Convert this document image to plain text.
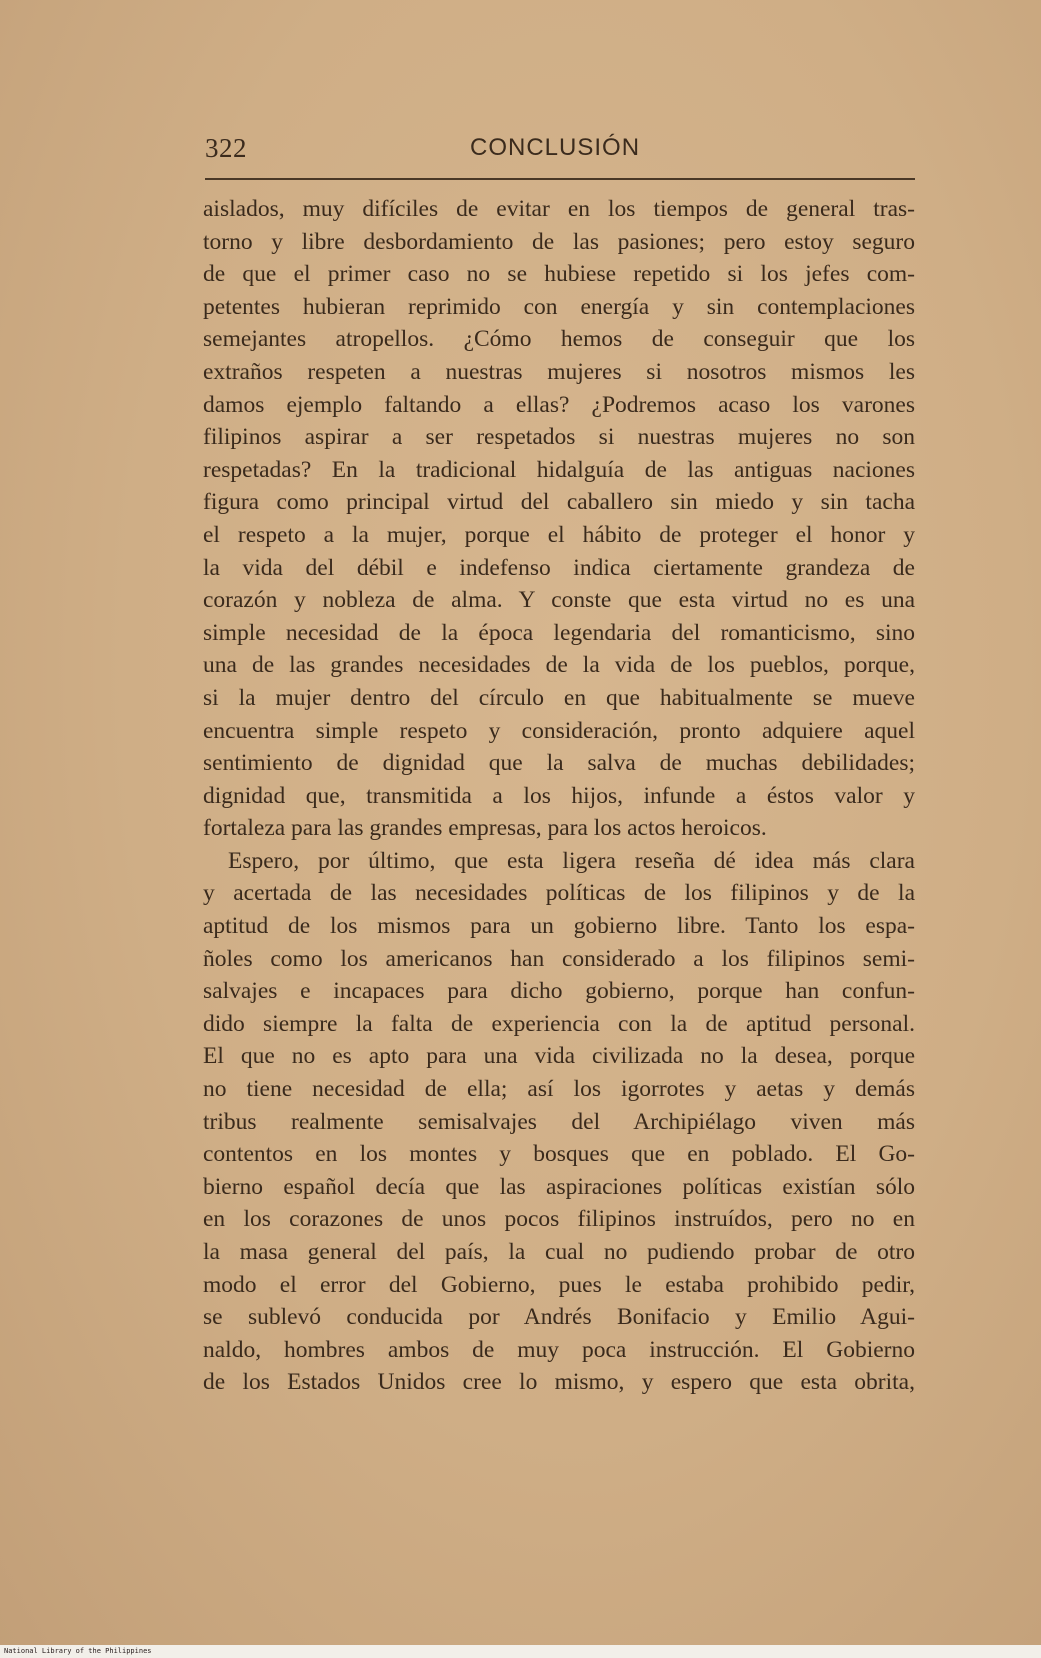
322	CONCLUSIÓN
aislados, muy difíciles de evitar en los tiempos de general tras-
torno y libre desbordamiento de las pasiones; pero estoy seguro
de que el primer caso no se hubiese repetido si los jefes com-
petentes hubieran reprimido con energía y sin contemplaciones
semejantes atropellos. ¿Cómo hemos de conseguir que los
extraños respeten a nuestras mujeres si nosotros mismos les
damos ejemplo faltando a ellas? ¿Podremos acaso los varones
filipinos aspirar a ser respetados si nuestras mujeres no son
respetadas? En la tradicional hidalguía de las antiguas naciones
figura como principal virtud del caballero sin miedo y sin tacha
el respeto a la mujer, porque el hábito de proteger el honor y
la vida del débil e indefenso indica ciertamente grandeza de
corazón y nobleza de alma. Y conste que esta virtud no es una
simple necesidad de la época legendaria del romanticismo, sino
una de las grandes necesidades de la vida de los pueblos, porque,
si la mujer dentro del círculo en que habitualmente se mueve
encuentra simple respeto y consideración, pronto adquiere aquel
sentimiento de dignidad que la salva de muchas debilidades;
dignidad que, transmitida a los hijos, infunde a éstos valor y
fortaleza para las grandes empresas, para los actos heroicos.
Espero, por último, que esta ligera reseña dé idea más clara
y acertada de las necesidades políticas de los filipinos y de la
aptitud de los mismos para un gobierno libre. Tanto los espa-
ñoles como los americanos han considerado a los filipinos semi-
salvajes e incapaces para dicho gobierno, porque han confun-
dido siempre la falta de experiencia con la de aptitud personal.
El que no es apto para una vida civilizada no la desea, porque
no tiene necesidad de ella; así los igorrotes y aetas y demás
tribus realmente semisalvajes del Archipiélago viven más
contentos en los montes y bosques que en poblado. El Go-
bierno español decía que las aspiraciones políticas existían sólo
en los corazones de unos pocos filipinos instruídos, pero no en
la masa general del país, la cual no pudiendo probar de otro
modo el error del Gobierno, pues le estaba prohibido pedir,
se sublevó conducida por Andrés Bonifacio y Emilio Agui-
naldo, hombres ambos de muy poca instrucción. El Gobierno
de los Estados Unidos cree lo mismo, y espero que esta obrita,
National Library of the Philippines
